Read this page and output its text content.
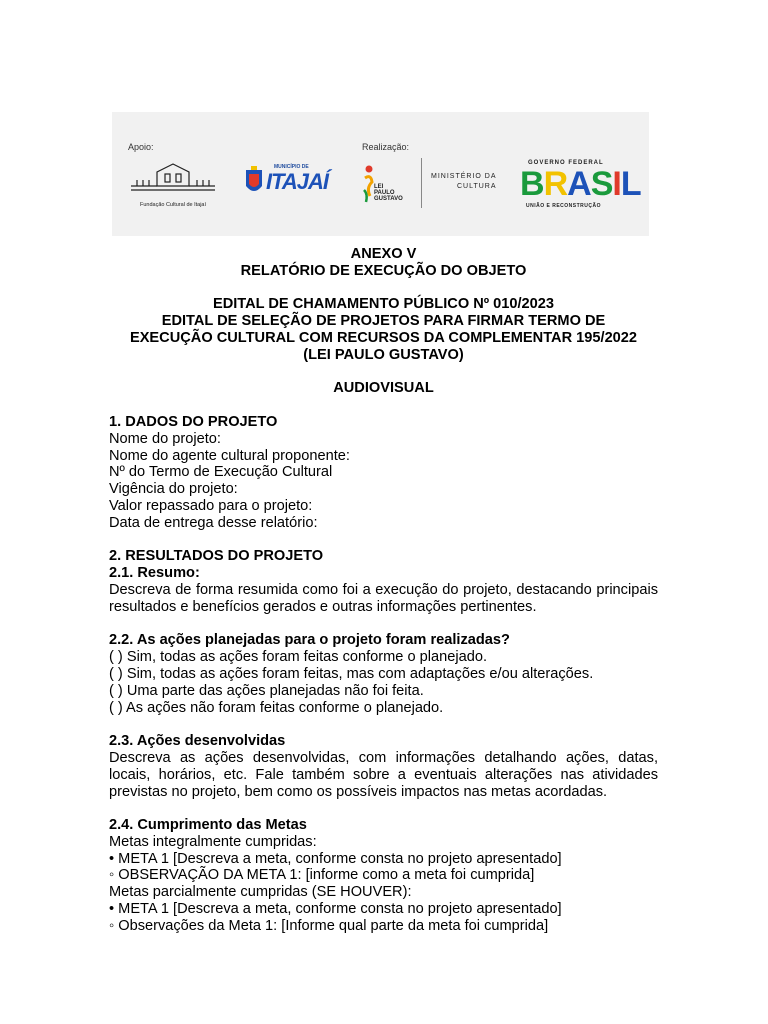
Apoio:	Realização:
Fundação Cultural de Itajaí
MUNICÍPIO DE
ITAJAÍ	LEI
PAULO
GUSTAVO
MINISTÉRIO DA
CULTURA
GOVERNO FEDERAL
BRASIL
UNIÃO E RECONSTRUÇÃO

ANEXO V

RELATÓRIO DE EXECUÇÃO DO OBJETO

EDITAL DE CHAMAMENTO PÚBLICO Nº 010/2023

EDITAL DE SELEÇÃO DE PROJETOS PARA FIRMAR TERMO DE

EXECUÇÃO CULTURAL COM RECURSOS DA COMPLEMENTAR 195/2022

(LEI PAULO GUSTAVO)

AUDIOVISUAL

1. DADOS DO PROJETO

Nome do projeto:

Nome do agente cultural proponente:

Nº do Termo de Execução Cultural

Vigência do projeto:

Valor repassado para o projeto:

Data de entrega desse relatório:

2. RESULTADOS DO PROJETO

2.1. Resumo:

Descreva de forma resumida como foi a execução do projeto, destacando principais resultados e benefícios gerados e outras informações pertinentes.

2.2. As ações planejadas para o projeto foram realizadas?

( ) Sim, todas as ações foram feitas conforme o planejado.

( ) Sim, todas as ações foram feitas, mas com adaptações e/ou alterações.

( ) Uma parte das ações planejadas não foi feita.

( ) As ações não foram feitas conforme o planejado.

2.3. Ações desenvolvidas

Descreva as ações desenvolvidas, com informações detalhando ações, datas, locais, horários, etc. Fale também sobre a eventuais alterações nas atividades previstas no projeto, bem como os possíveis impactos nas metas acordadas.

2.4. Cumprimento das Metas

Metas integralmente cumpridas:

• META 1 [Descreva a meta, conforme consta no projeto apresentado]

◦ OBSERVAÇÃO DA META 1: [informe como a meta foi cumprida]

Metas parcialmente cumpridas (SE HOUVER):

• META 1 [Descreva a meta, conforme consta no projeto apresentado]

◦ Observações da Meta 1: [Informe qual parte da meta foi cumprida]
